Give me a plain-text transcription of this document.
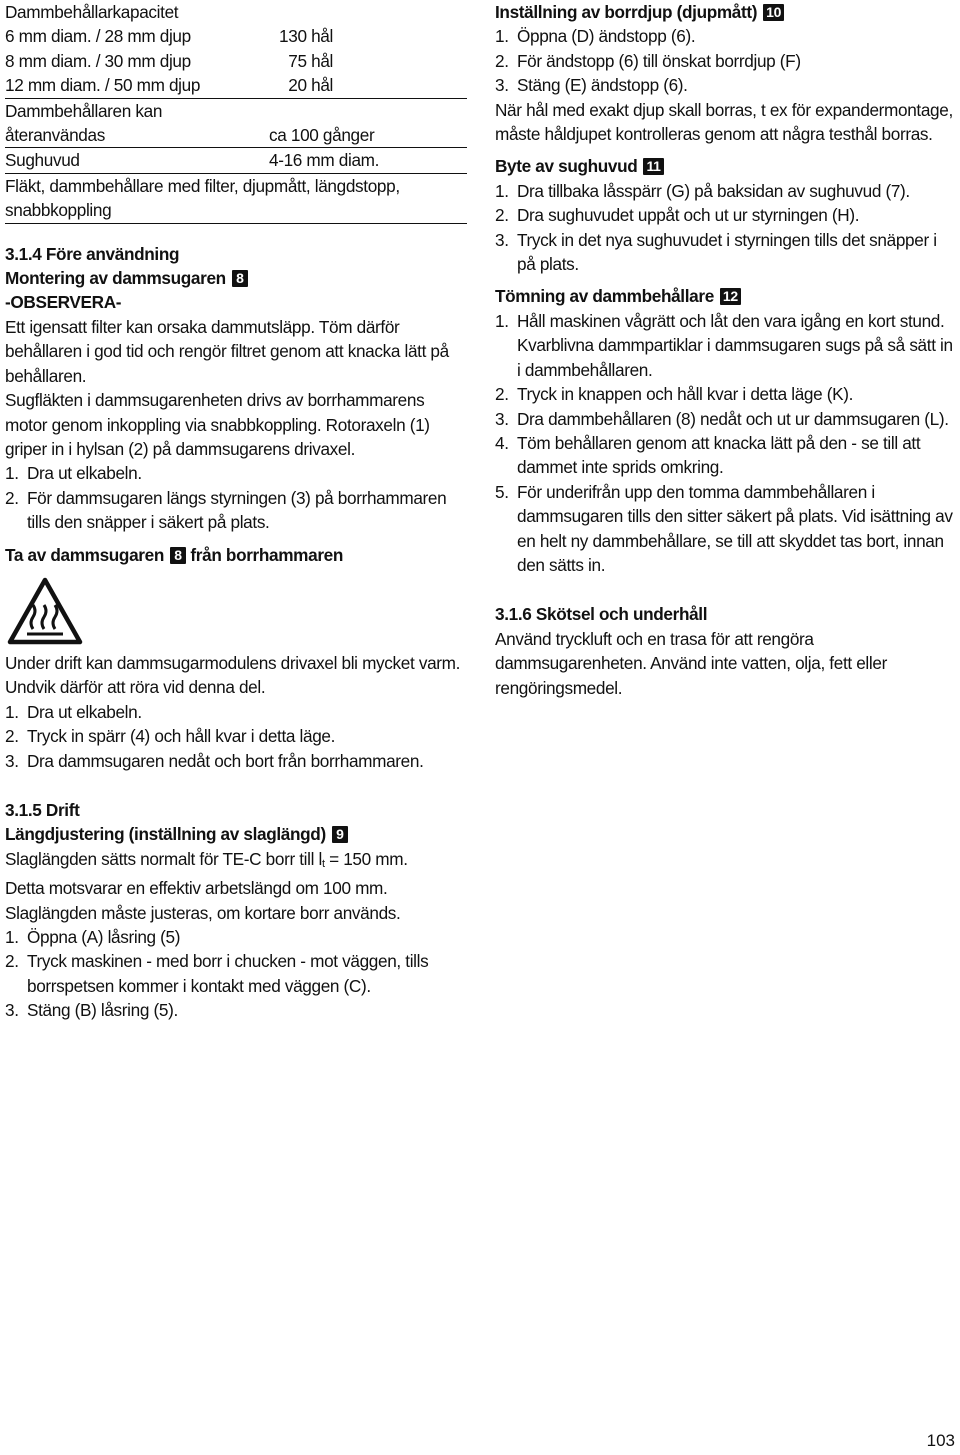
Dammbehållarkapacitet

6 mm diam. / 28 mm djup	130 hål
8 mm diam. / 30 mm djup	75 hål
12 mm diam. / 50 mm djup	20 hål

Dammbehållaren kan

återanvändas	ca 100 gånger
Sughuvud	4-16 mm diam.

Fläkt, dammbehållare med filter, djupmått, längdstopp, snabbkoppling

3.1.4 Före användning

Montering av dammsugaren 8

-OBSERVERA-

Ett igensatt filter kan orsaka dammutsläpp. Töm därför behållaren i god tid och rengör filtret genom att knacka lätt på behållaren.

Sugfläkten i dammsugarenheten drivs av borrhammarens motor genom inkoppling via snabbkoppling. Rotoraxeln (1) griper in i hylsan (2) på dammsugarens drivaxel.

1. Dra ut elkabeln.
2. För dammsugaren längs styrningen (3) på borrhammaren tills den snäpper i säkert på plats.

Ta av dammsugaren 8 från borrhammaren

Under drift kan dammsugarmodulens drivaxel bli mycket varm. Undvik därför att röra vid denna del.

1. Dra ut elkabeln.
2. Tryck in spärr (4) och håll kvar i detta läge.
3. Dra dammsugaren nedåt och bort från borrhammaren.

3.1.5 Drift

Längdjustering (inställning av slaglängd) 9

Slaglängden sätts normalt för TE-C borr till $l_t = 150$ mm.

Detta motsvarar en effektiv arbetslängd om 100 mm.

Slaglängden måste justeras, om kortare borr används.

1. Öppna (A) låsring (5)
2. Tryck maskinen - med borr i chucken - mot väggen, tills borrspetsen kommer i kontakt med väggen (C).
3. Stäng (B) låsring (5).

Inställning av borrdjup (djupmått) 10

1. Öppna (D) ändstopp (6).
2. För ändstopp (6) till önskat borrdjup (F)
3. Stäng (E) ändstopp (6).

När hål med exakt djup skall borras, t ex för expandermontage, måste håldjupet kontrolleras genom att några testhål borras.

Byte av sughuvud 11

1. Dra tillbaka låsspärr (G) på baksidan av sughuvud (7).
2. Dra sughuvudet uppåt och ut ur styrningen (H).
3. Tryck in det nya sughuvudet i styrningen tills det snäpper i på plats.

Tömning av dammbehållare 12

1. Håll maskinen vågrätt och låt den vara igång en kort stund. Kvarblivna dammpartiklar i dammsugaren sugs på så sätt in i dammbehållaren.
2. Tryck in knappen och håll kvar i detta läge (K).
3. Dra dammbehållaren (8) nedåt och ut ur dammsugaren (L).
4. Töm behållaren genom att knacka lätt på den - se till att dammet inte sprids omkring.
5. För underifrån upp den tomma dammbehållaren i dammsugaren tills den sitter säkert på plats. Vid isättning av en helt ny dammbehållare, se till att skyddet tas bort, innan den sätts in.

3.1.6 Skötsel och underhåll

Använd tryckluft och en trasa för att rengöra dammsugarenheten. Använd inte vatten, olja, fett eller rengöringsmedel.

103
